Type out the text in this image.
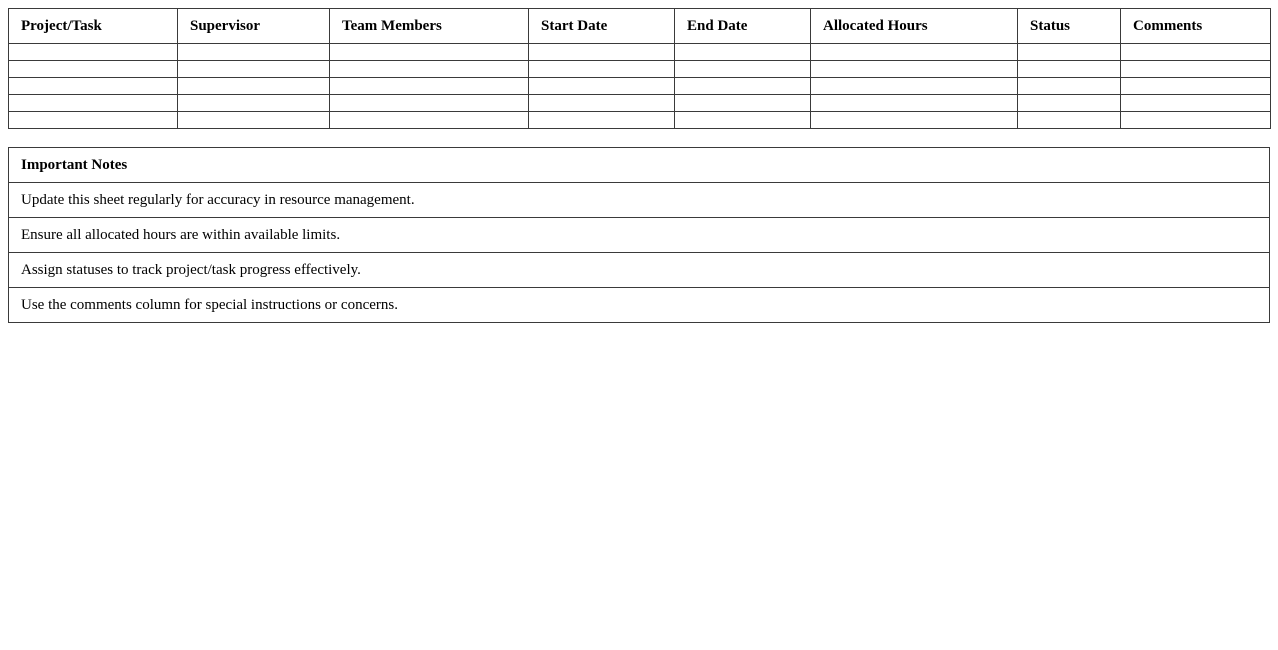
Project/Task	Supervisor	Team Members	Start Date	End Date	Allocated Hours	Status	Comments

Important Notes
Update this sheet regularly for accuracy in resource management.
Ensure all allocated hours are within available limits.
Assign statuses to track project/task progress effectively.
Use the comments column for special instructions or concerns.
